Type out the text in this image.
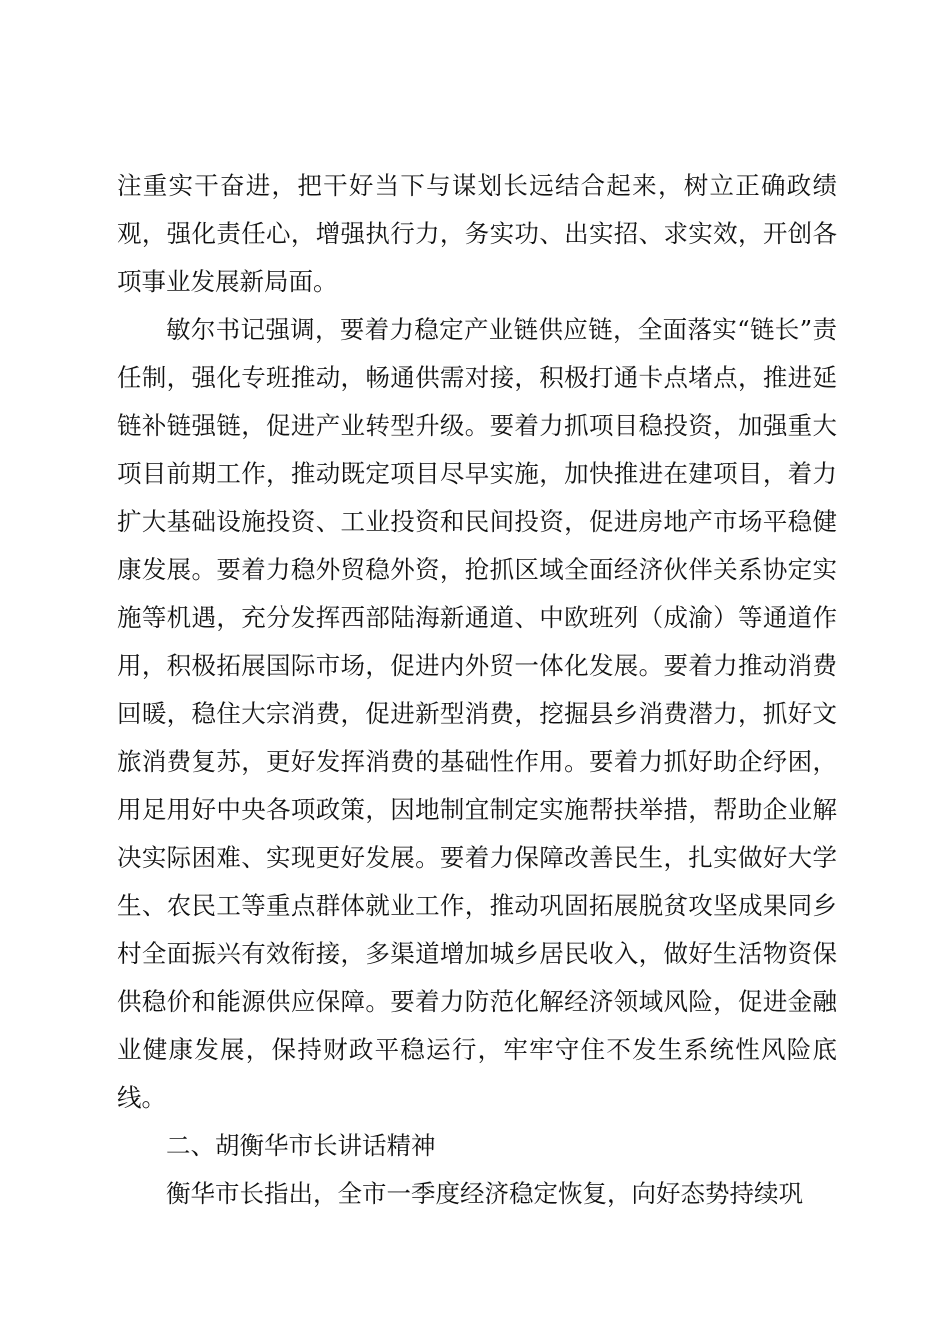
注重实干奋进，把干好当下与谋划长远结合起来，树立正确政绩观，强化责任心，增强执行力，务实功、出实招、求实效，开创各项事业发展新局面。

敏尔书记强调，要着力稳定产业链供应链，全面落实“链长”责任制，强化专班推动，畅通供需对接，积极打通卡点堵点，推进延链补链强链，促进产业转型升级。要着力抓项目稳投资，加强重大项目前期工作，推动既定项目尽早实施，加快推进在建项目，着力扩大基础设施投资、工业投资和民间投资，促进房地产市场平稳健康发展。要着力稳外贸稳外资，抢抓区域全面经济伙伴关系协定实施等机遇，充分发挥西部陆海新通道、中欧班列（成渝）等通道作用，积极拓展国际市场，促进内外贸一体化发展。要着力推动消费回暖，稳住大宗消费，促进新型消费，挖掘县乡消费潜力，抓好文旅消费复苏，更好发挥消费的基础性作用。要着力抓好助企纾困，用足用好中央各项政策，因地制宜制定实施帮扶举措，帮助企业解决实际困难、实现更好发展。要着力保障改善民生，扎实做好大学生、农民工等重点群体就业工作，推动巩固拓展脱贫攻坚成果同乡村全面振兴有效衔接，多渠道增加城乡居民收入，做好生活物资保供稳价和能源供应保障。要着力防范化解经济领域风险，促进金融业健康发展，保持财政平稳运行，牢牢守住不发生系统性风险底线。

二、胡衡华市长讲话精神

衡华市长指出，全市一季度经济稳定恢复，向好态势持续巩
